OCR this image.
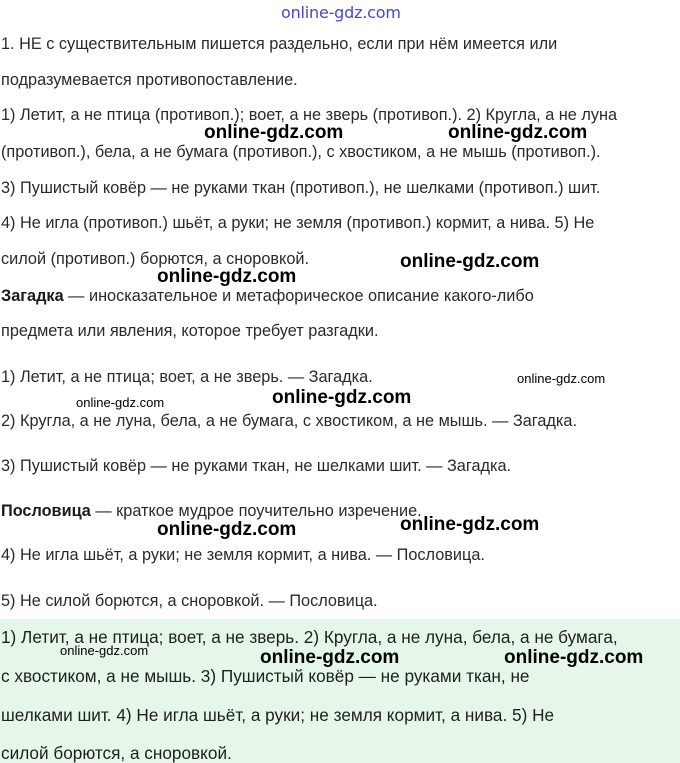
online-gdz.com
1. НЕ с существительным пишется раздельно, если при нём имеется или
подразумевается противопоставление.
1) Летит, а не птица (противоп.); воет, а не зверь (противоп.). 2) Кругла, а не луна
(противоп.), бела, а не бумага (противоп.), с хвостиком, а не мышь (противоп.).
3) Пушистый ковёр — не руками ткан (противоп.), не шелками (противоп.) шит.
4) Не игла (противоп.) шьёт, а руки; не земля (противоп.) кормит, а нива. 5) Не
силой (противоп.) борются, а сноровкой.
Загадка — иносказательное и метафорическое описание какого-либо
предмета или явления, которое требует разгадки.
1) Летит, а не птица; воет, а не зверь. — Загадка.
2) Кругла, а не луна, бела, а не бумага, с хвостиком, а не мышь. — Загадка.
3) Пушистый ковёр — не руками ткан, не шелками шит. — Загадка.
Пословица — краткое мудрое поучительно изречение.
4) Не игла шьёт, а руки; не земля кормит, а нива. — Пословица.
5) Не силой борются, а сноровкой. — Пословица.
1) Летит, а не птица; воет, а не зверь. 2) Кругла, а не луна, бела, а не бумага,
с хвостиком, а не мышь. 3) Пушистый ковёр — не руками ткан, не
шелками шит. 4) Не игла шьёт, а руки; не земля кормит, а нива. 5) Не
силой борются, а сноровкой.
online-gdz.com	online-gdz.com
online-gdz.com
online-gdz.com
online-gdz.com
online-gdz.com	online-gdz.com
online-gdz.com	online-gdz.com
online-gdz.com	online-gdz.com	online-gdz.com
